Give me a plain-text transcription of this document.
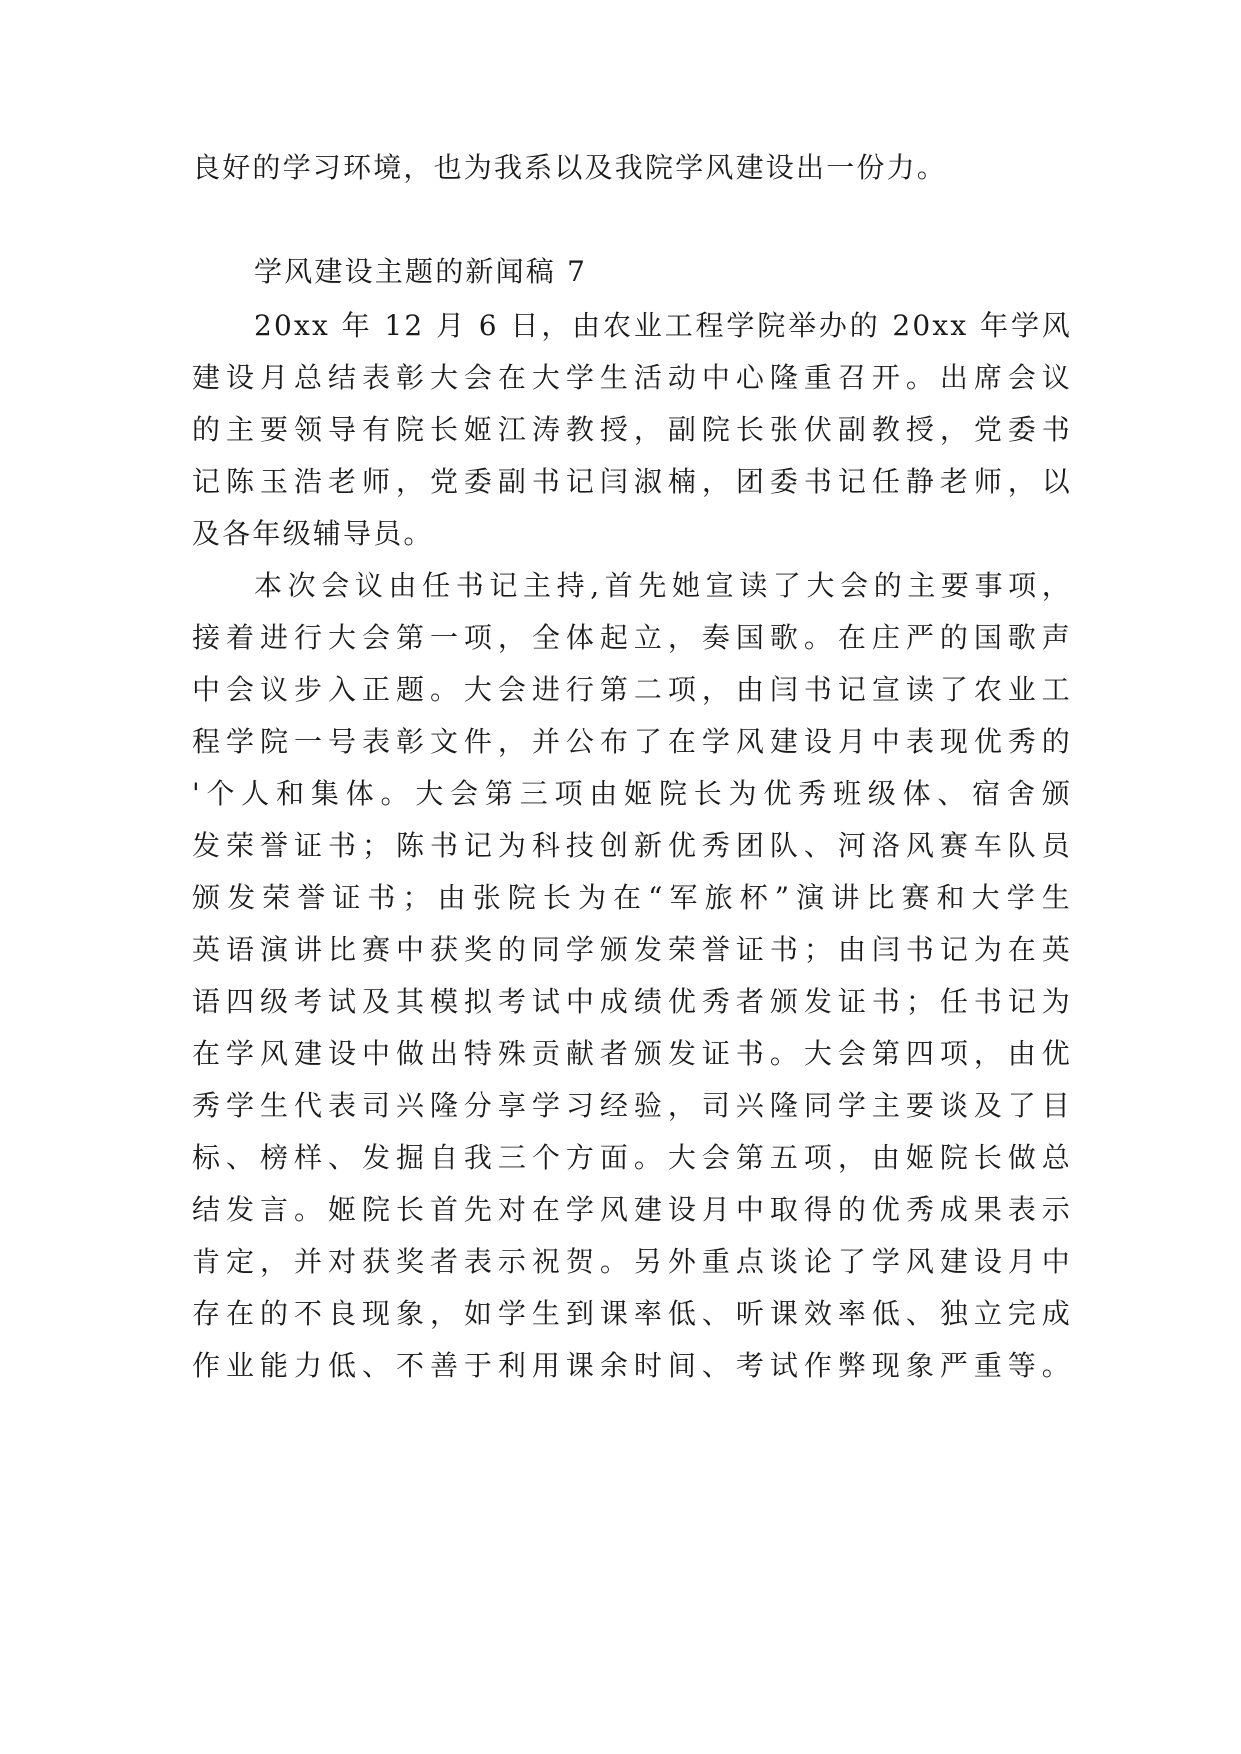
良好的学习环境，也为我系以及我院学风建设出一份力。
学风建设主题的新闻稿 7
20xx 年 12 月 6 日，由农业工程学院举办的 20xx 年学风
建设月总结表彰大会在大学生活动中心隆重召开。出席会议
的主要领导有院长姬江涛教授，副院长张伏副教授，党委书
记陈玉浩老师，党委副书记闫淑楠，团委书记任静老师，以
及各年级辅导员。
本次会议由任书记主持,首先她宣读了大会的主要事项，
接着进行大会第一项，全体起立，奏国歌。在庄严的国歌声
中会议步入正题。大会进行第二项，由闫书记宣读了农业工
程学院一号表彰文件，并公布了在学风建设月中表现优秀的
'个人和集体。大会第三项由姬院长为优秀班级体、宿舍颁
发荣誉证书；陈书记为科技创新优秀团队、河洛风赛车队员
颁发荣誉证书；由张院长为在“军旅杯”演讲比赛和大学生
英语演讲比赛中获奖的同学颁发荣誉证书；由闫书记为在英
语四级考试及其模拟考试中成绩优秀者颁发证书；任书记为
在学风建设中做出特殊贡献者颁发证书。大会第四项，由优
秀学生代表司兴隆分享学习经验，司兴隆同学主要谈及了目
标、榜样、发掘自我三个方面。大会第五项，由姬院长做总
结发言。姬院长首先对在学风建设月中取得的优秀成果表示
肯定，并对获奖者表示祝贺。另外重点谈论了学风建设月中
存在的不良现象，如学生到课率低、听课效率低、独立完成
作业能力低、不善于利用课余时间、考试作弊现象严重等。
